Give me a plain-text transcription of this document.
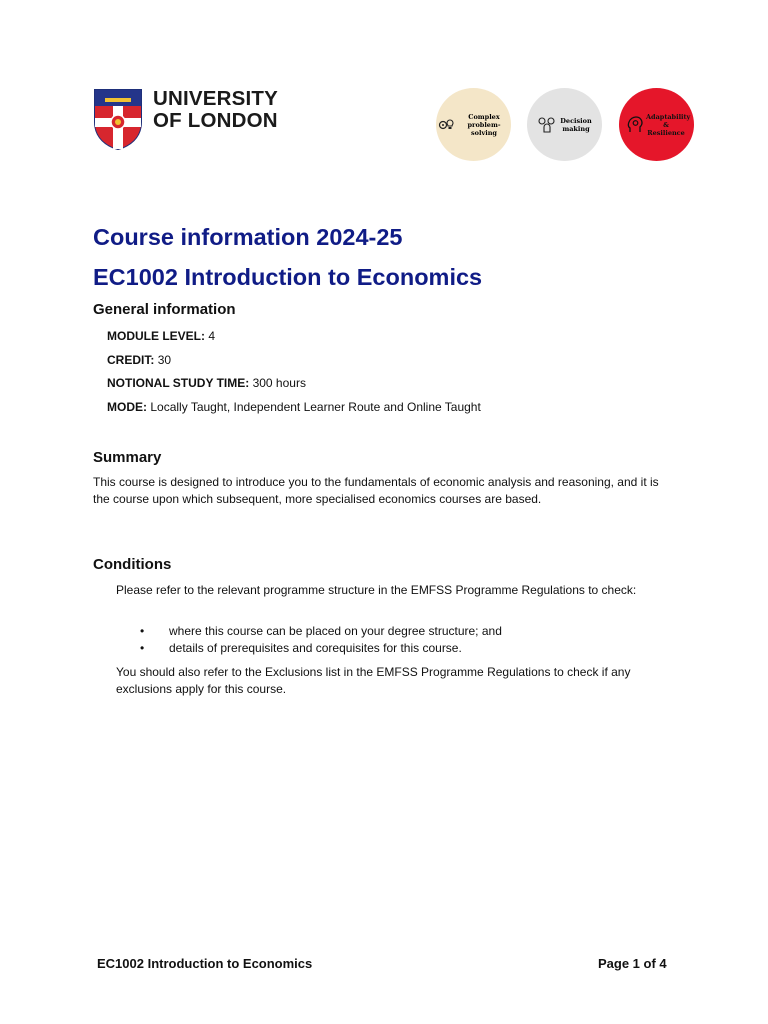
UNIVERSITY
OF LONDON	Complex problem-solving
Decision making
Adaptability & Resilience
Course information 2024-25
EC1002 Introduction to Economics
General information
MODULE LEVEL: 4
CREDIT: 30
NOTIONAL STUDY TIME: 300 hours
MODE: Locally Taught, Independent Learner Route and Online Taught
Summary
This course is designed to introduce you to the fundamentals of economic analysis and reasoning, and it is the course upon which subsequent, more specialised economics courses are based.
Conditions
Please refer to the relevant programme structure in the EMFSS Programme Regulations to check:
• where this course can be placed on your degree structure; and
• details of prerequisites and corequisites for this course.
You should also refer to the Exclusions list in the EMFSS Programme Regulations to check if any exclusions apply for this course.
EC1002 Introduction to Economics	Page 1 of 4
